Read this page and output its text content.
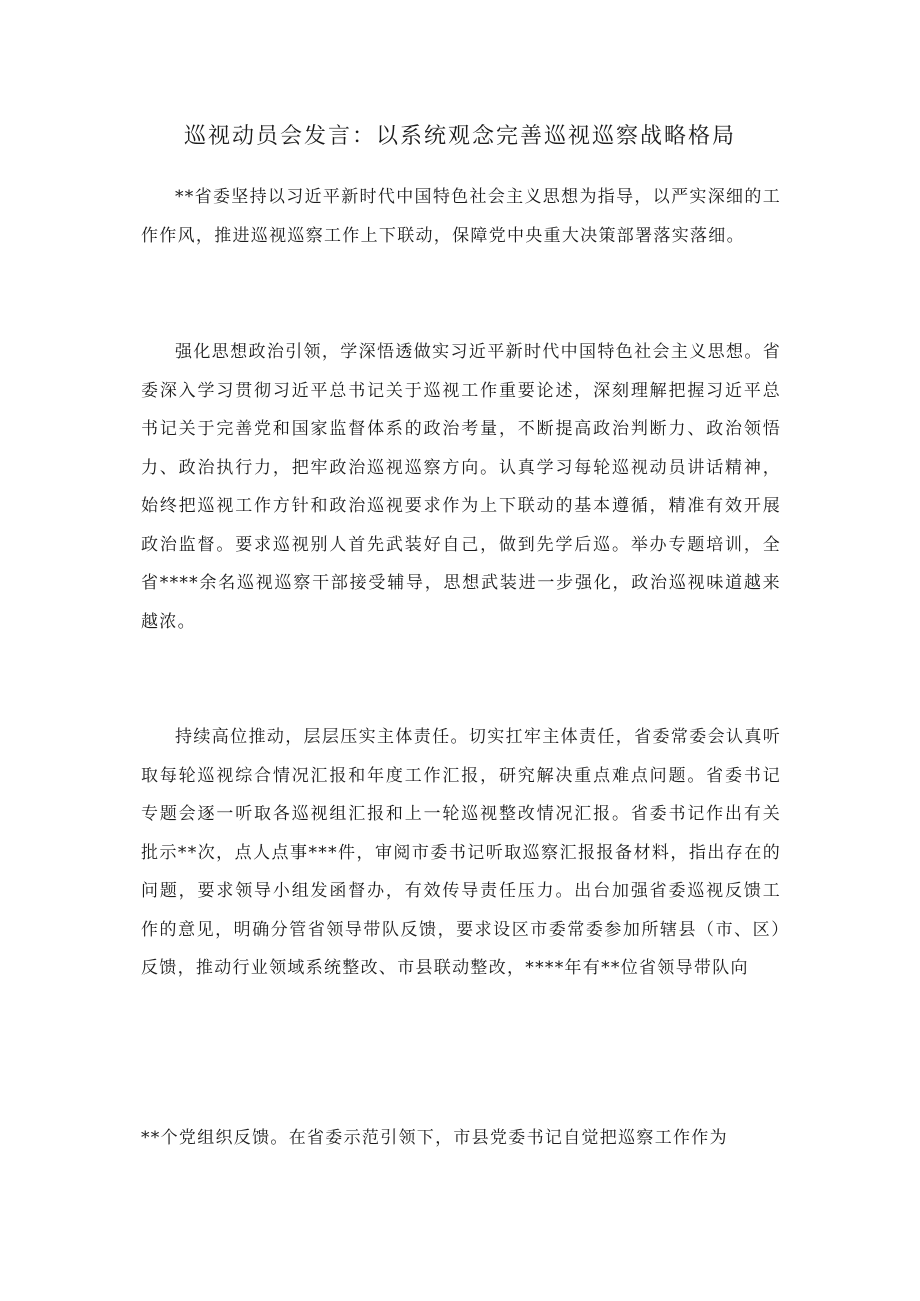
巡视动员会发言：以系统观念完善巡视巡察战略格局

**省委坚持以习近平新时代中国特色社会主义思想为指导，以严实深细的工作作风，推进巡视巡察工作上下联动，保障党中央重大决策部署落实落细。

强化思想政治引领，学深悟透做实习近平新时代中国特色社会主义思想。省委深入学习贯彻习近平总书记关于巡视工作重要论述，深刻理解把握习近平总书记关于完善党和国家监督体系的政治考量，不断提高政治判断力、政治领悟力、政治执行力，把牢政治巡视巡察方向。认真学习每轮巡视动员讲话精神，始终把巡视工作方针和政治巡视要求作为上下联动的基本遵循，精准有效开展政治监督。要求巡视别人首先武装好自己，做到先学后巡。举办专题培训，全省****余名巡视巡察干部接受辅导，思想武装进一步强化，政治巡视味道越来越浓。

持续高位推动，层层压实主体责任。切实扛牢主体责任，省委常委会认真听取每轮巡视综合情况汇报和年度工作汇报，研究解决重点难点问题。省委书记专题会逐一听取各巡视组汇报和上一轮巡视整改情况汇报。省委书记作出有关批示**次，点人点事***件，审阅市委书记听取巡察汇报报备材料，指出存在的问题，要求领导小组发函督办，有效传导责任压力。出台加强省委巡视反馈工作的意见，明确分管省领导带队反馈，要求设区市委常委参加所辖县（市、区）反馈，推动行业领域系统整改、市县联动整改，****年有**位省领导带队向

**个党组织反馈。在省委示范引领下，市县党委书记自觉把巡察工作作为
